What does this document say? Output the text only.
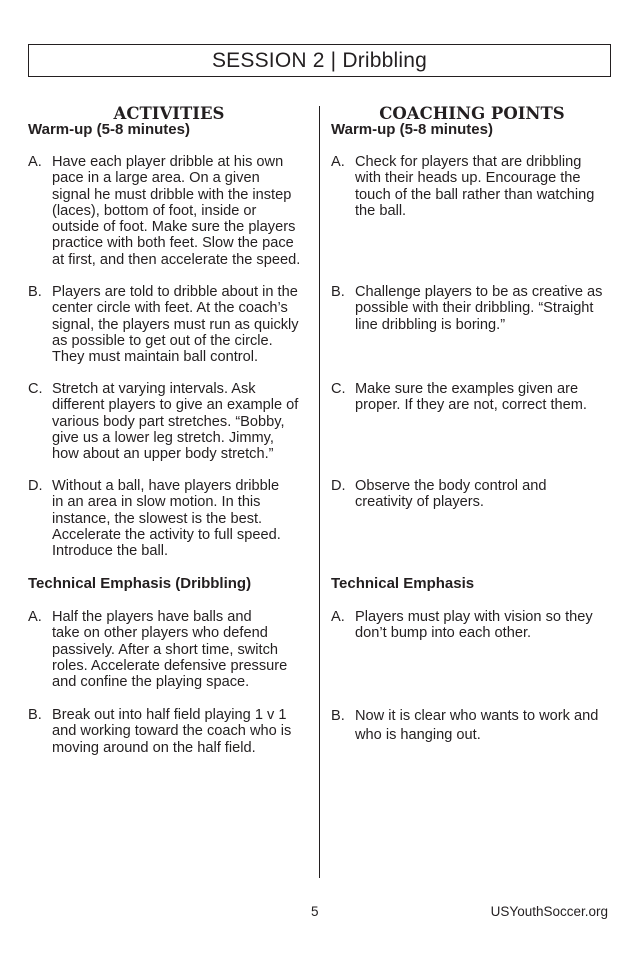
SESSION 2 | Dribbling
ACTIVITIES
Warm-up (5-8 minutes)
A. Have each player dribble at his own
pace in a large area. On a given
signal he must dribble with the instep
(laces), bottom of foot, inside or
outside of foot. Make sure the players
practice with both feet. Slow the pace
at first, and then accelerate the speed.
B. Players are told to dribble about in the
center circle with feet. At the coach’s
signal, the players must run as quickly
as possible to get out of the circle.
They must maintain ball control.
C. Stretch at varying intervals. Ask
different players to give an example of
various body part stretches. “Bobby,
give us a lower leg stretch. Jimmy,
how about an upper body stretch.”
D. Without a ball, have players dribble
in an area in slow motion. In this
instance, the slowest is the best.
Accelerate the activity to full speed.
Introduce the ball.
Technical Emphasis (Dribbling)
A. Half the players have balls and
take on other players who defend
passively. After a short time, switch
roles. Accelerate defensive pressure
and confine the playing space.
B. Break out into half field playing 1 v 1
and working toward the coach who is
moving around on the half field.
COACHING POINTS
Warm-up (5-8 minutes)
A. Check for players that are dribbling
with their heads up. Encourage the
touch of the ball rather than watching
the ball.
B. Challenge players to be as creative as
possible with their dribbling. “Straight
line dribbling is boring.”
C. Make sure the examples given are
proper. If they are not, correct them.
D. Observe the body control and
creativity of players.
Technical Emphasis
A. Players must play with vision so they
don’t bump into each other.
B. Now it is clear who wants to work and
who is hanging out.
5	USYouthSoccer.org
